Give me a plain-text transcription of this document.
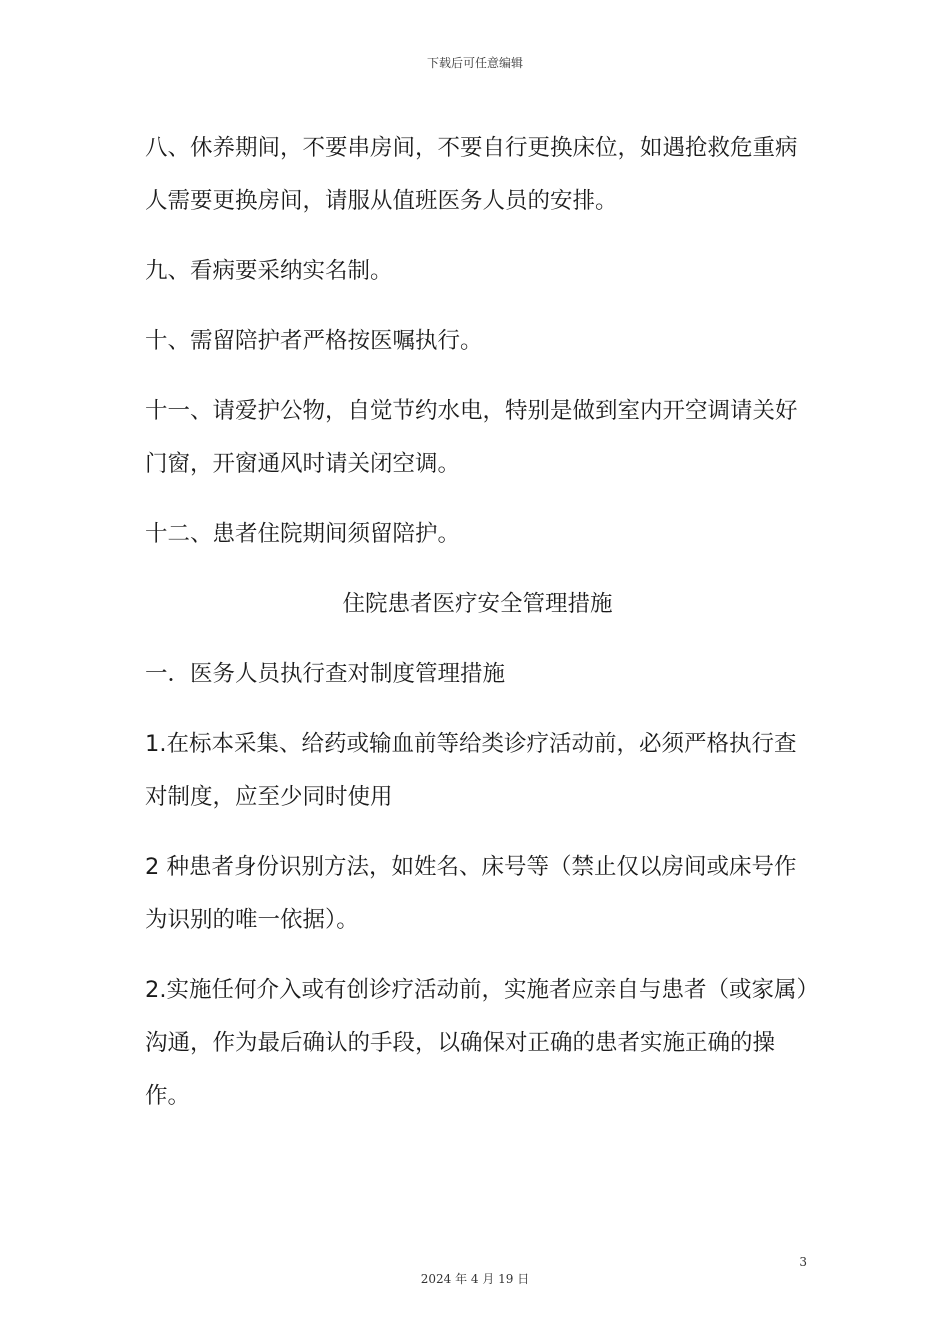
下载后可任意编辑

八、休养期间，不要串房间，不要自行更换床位，如遇抢救危重病人需要更换房间，请服从值班医务人员的安排。

九、看病要采纳实名制。

十、需留陪护者严格按医嘱执行。

十一、请爱护公物，自觉节约水电，特别是做到室内开空调请关好门窗，开窗通风时请关闭空调。

十二、患者住院期间须留陪护。

住院患者医疗安全管理措施

一．医务人员执行查对制度管理措施

1.在标本采集、给药或输血前等给类诊疗活动前，必须严格执行查对制度，应至少同时使用

2 种患者身份识别方法，如姓名、床号等（禁止仅以房间或床号作为识别的唯一依据）。

2.实施任何介入或有创诊疗活动前，实施者应亲自与患者（或家属）沟通，作为最后确认的手段，以确保对正确的患者实施正确的操作。

3
2024 年 4 月 19 日
